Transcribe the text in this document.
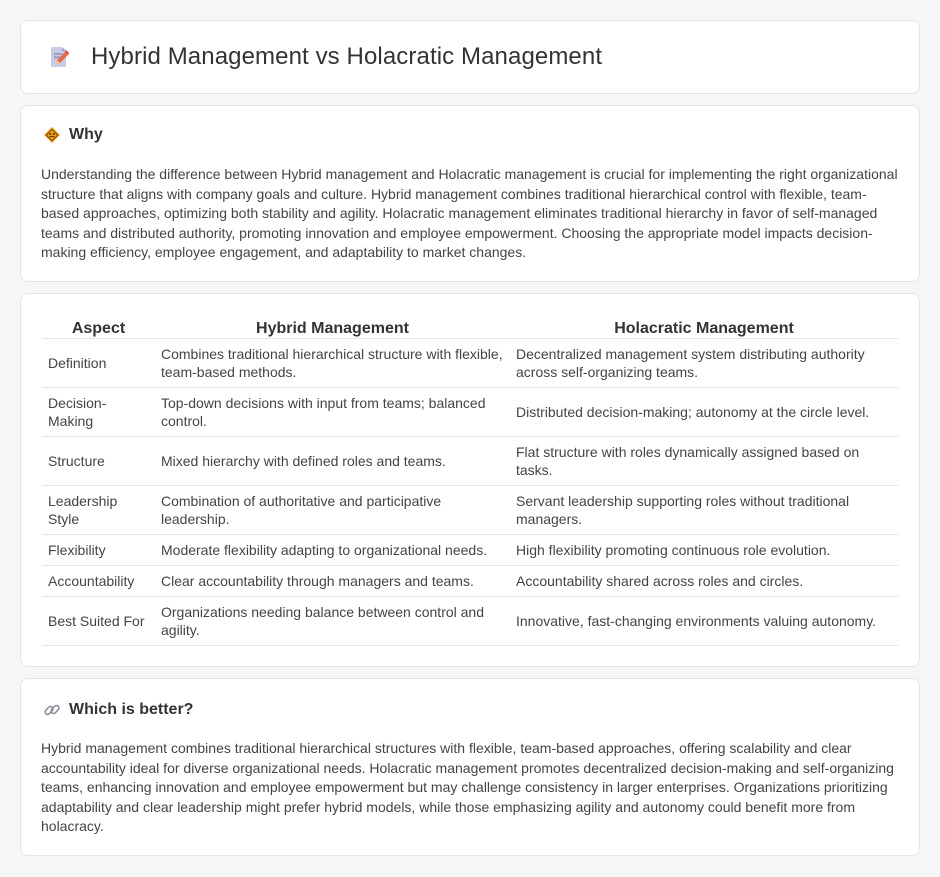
Hybrid Management vs Holacratic Management
Why

Understanding the difference between Hybrid management and Holacratic management is crucial for implementing the right organizational structure that aligns with company goals and culture. Hybrid management combines traditional hierarchical control with flexible, team-based approaches, optimizing both stability and agility. Holacratic management eliminates traditional hierarchy in favor of self-managed teams and distributed authority, promoting innovation and employee empowerment. Choosing the appropriate model impacts decision-making efficiency, employee engagement, and adaptability to market changes.

Aspect	Hybrid Management	Holacratic Management
Definition	Combines traditional hierarchical structure with flexible, team-based methods.	Decentralized management system distributing authority across self-organizing teams.
Decision-Making	Top-down decisions with input from teams; balanced control.	Distributed decision-making; autonomy at the circle level.
Structure	Mixed hierarchy with defined roles and teams.	Flat structure with roles dynamically assigned based on tasks.
Leadership Style	Combination of authoritative and participative leadership.	Servant leadership supporting roles without traditional managers.
Flexibility	Moderate flexibility adapting to organizational needs.	High flexibility promoting continuous role evolution.
Accountability	Clear accountability through managers and teams.	Accountability shared across roles and circles.
Best Suited For	Organizations needing balance between control and agility.	Innovative, fast-changing environments valuing autonomy.
Which is better?

Hybrid management combines traditional hierarchical structures with flexible, team-based approaches, offering scalability and clear accountability ideal for diverse organizational needs. Holacratic management promotes decentralized decision-making and self-organizing teams, enhancing innovation and employee empowerment but may challenge consistency in larger enterprises. Organizations prioritizing adaptability and clear leadership might prefer hybrid models, while those emphasizing agility and autonomy could benefit more from holacracy.
